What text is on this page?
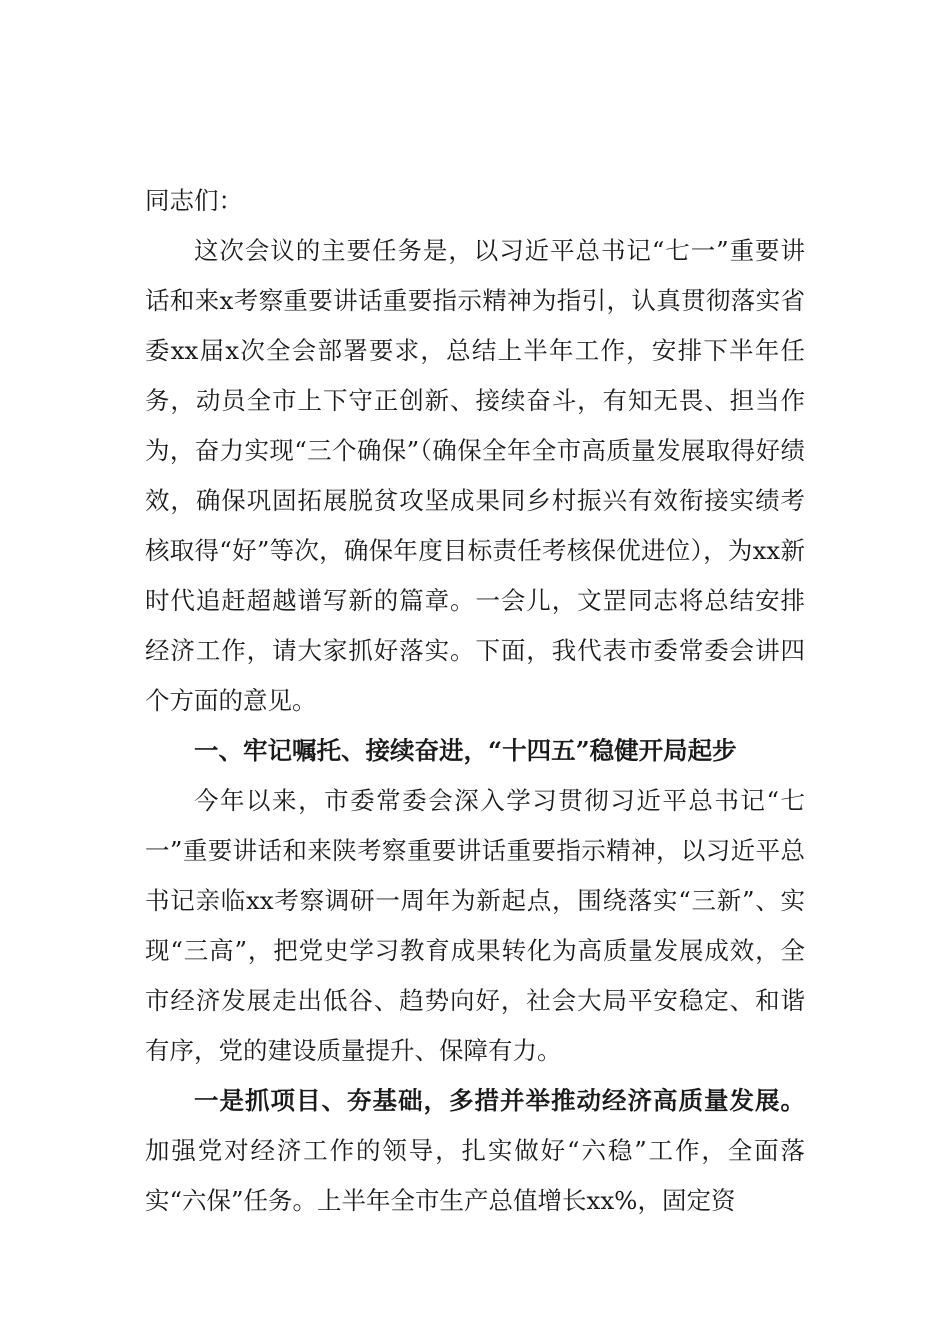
同志们：

这次会议的主要任务是，以习近平总书记“七一”重要讲话和来x考察重要讲话重要指示精神为指引，认真贯彻落实省委xx届x次全会部署要求，总结上半年工作，安排下半年任务，动员全市上下守正创新、接续奋斗，有知无畏、担当作为，奋力实现“三个确保”（确保全年全市高质量发展取得好绩效，确保巩固拓展脱贫攻坚成果同乡村振兴有效衔接实绩考核取得“好”等次，确保年度目标责任考核保优进位），为xx新时代追赶超越谱写新的篇章。一会儿，文罡同志将总结安排经济工作，请大家抓好落实。下面，我代表市委常委会讲四个方面的意见。

一、牢记嘱托、接续奋进，“十四五”稳健开局起步

今年以来，市委常委会深入学习贯彻习近平总书记“七一”重要讲话和来陕考察重要讲话重要指示精神，以习近平总书记亲临xx考察调研一周年为新起点，围绕落实“三新”、实现“三高”，把党史学习教育成果转化为高质量发展成效，全市经济发展走出低谷、趋势向好，社会大局平安稳定、和谐有序，党的建设质量提升、保障有力。

一是抓项目、夯基础，多措并举推动经济高质量发展。加强党对经济工作的领导，扎实做好“六稳”工作，全面落实“六保”任务。上半年全市生产总值增长xx%，固定资
